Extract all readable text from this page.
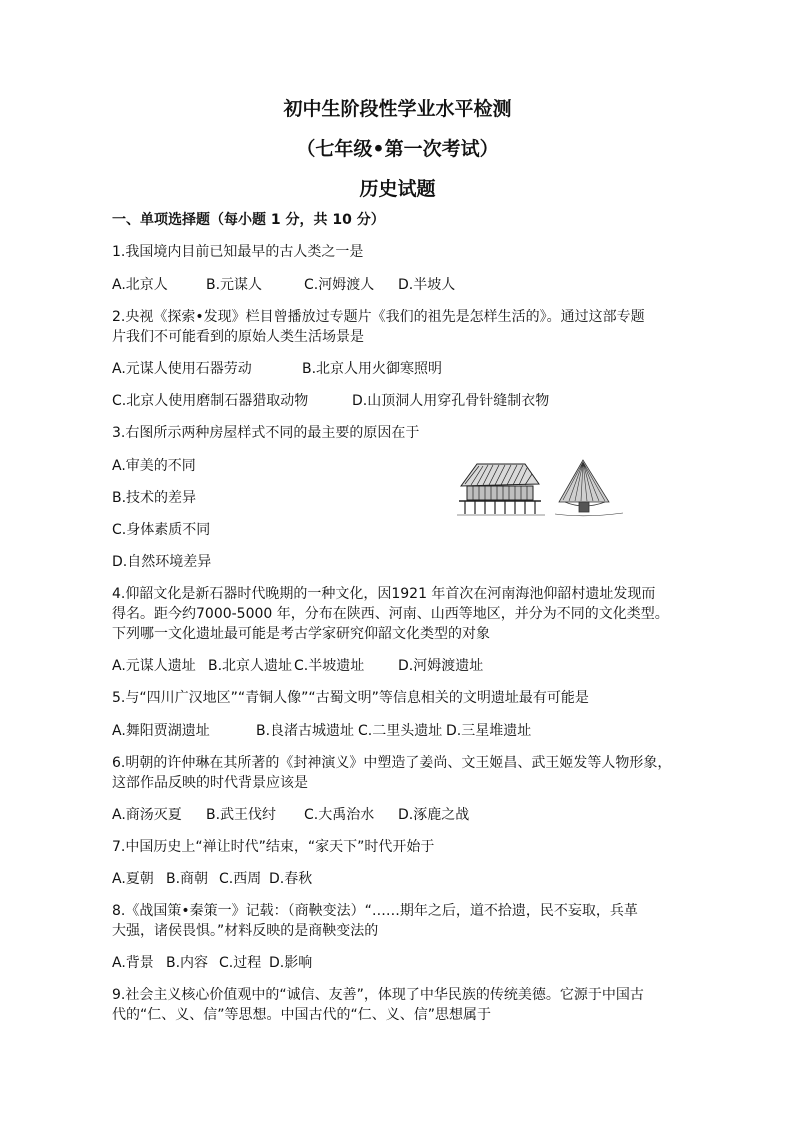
初中生阶段性学业水平检测
（七年级•第一次考试）
历史试题
一、单项选择题（每小题 1 分，共 10 分）
1.我国境内目前已知最早的古人类之一是
A.北京人	B.元谋人	C.河姆渡人 D.半坡人
2.央视《探索•发现》栏目曾播放过专题片《我们的祖先是怎样生活的》。通过这部专题
片我们不可能看到的原始人类生活场景是
A.元谋人使用石器劳动	B.北京人用火御寒照明
C.北京人使用磨制石器猎取动物	D.山顶洞人用穿孔骨针缝制衣物
3.右图所示两种房屋样式不同的最主要的原因在于
A.审美的不同
B.技术的差异
C.身体素质不同
D.自然环境差异
4.仰韶文化是新石器时代晚期的一种文化，因1921 年首次在河南海池仰韶村遗址发现而
得名。距今约7000-5000 年，分布在陕西、河南、山西等地区，并分为不同的文化类型。
下列哪一文化遗址最可能是考古学家研究仰韶文化类型的对象
A.元谋人遗址 B.北京人遗址 C.半坡遗址 D.河姆渡遗址
5.与“四川广汉地区”“青铜人像”“古蜀文明”等信息相关的文明遗址最有可能是
A.舞阳贾湖遗址	B.良渚古城遗址 C.二里头遗址 D.三星堆遗址
6.明朝的许仲琳在其所著的《封神演义》中塑造了姜尚、文王姬昌、武王姬发等人物形象，
这部作品反映的时代背景应该是
A.商汤灭夏 B.武王伐纣 C.大禹治水 D.涿鹿之战
7.中国历史上“禅让时代”结束，“家天下”时代开始于
A.夏朝 B.商朝 C.西周 D.春秋
8.《战国策•秦策一》记载：（商鞅变法）“……期年之后，道不拾遗，民不妄取，兵革
大强，诸侯畏惧。”材料反映的是商鞅变法的
A.背景 B.内容 C.过程 D.影响
9.社会主义核心价值观中的“诚信、友善”，体现了中华民族的传统美德。它源于中国古
代的“仁、义、信”等思想。中国古代的“仁、义、信”思想属于
